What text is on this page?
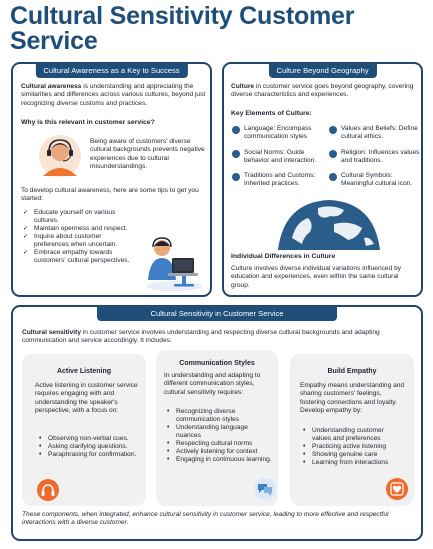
Cultural Sensitivity Customer Service
Cultural Awareness as a Key to Success
Cultural awareness is understanding and appreciating the similarities and differences across various cultures, beyond just recognizing diverse customs and practices.
Why is this relevant in customer service?
Being aware of customers' diverse cultural backgrounds prevents negative experiences due to cultural misunderstandings.
To develop cultural awareness, here are some tips to get you started:
✓ Educate yourself on various cultures.
✓ Maintain openness and respect.
✓ Inquire about customer preferences when uncertain.
✓ Embrace empathy towards customers' cultural perspectives.
Culture Beyond Geography
Culture in customer service goes beyond geography, covering diverse characteristics and experiences.
Key Elements of Culture:
Language: Encompass communication styles
Values and Beliefs: Define cultural ethics.
Social Norms: Guide behavior and interaction.
Religion: Influences values and traditions.
Traditions and Customs: Inherited practices.
Cultural Symbols: Meaningful cultural icon.
Individual Differences in Culture
Culture involves diverse individual variations influenced by education and experiences, even within the same cultural group.
Cultural Sensitivity in Customer Service
Cultural sensitivity in customer service involves understanding and respecting diverse cultural backgrounds and adapting communication and service accordingly. It includes:
Active Listening
Active listening in customer service requires engaging with and understanding the speaker's perspective, with a focus on:
• Observing non-verbal cues.
• Asking clarifying questions.
• Paraphrasing for confirmation.
Communication Styles
In understanding and adapting to different communication styles, cultural sensitivity requires:
• Recognizing diverse communication styles
• Understanding language nuances
• Respecting cultural norms
• Actively listening for context
• Engaging in continuous learning.
Build Empathy
Empathy means understanding and sharing customers' feelings, fostering connections and loyalty. Develop empathy by:
• Understanding customer values and preferences
• Practicing active listening
• Showing genuine care
• Learning from interactions
These components, when integrated, enhance cultural sensitivity in customer service, leading to more effective and respectful interactions with a diverse customer.
